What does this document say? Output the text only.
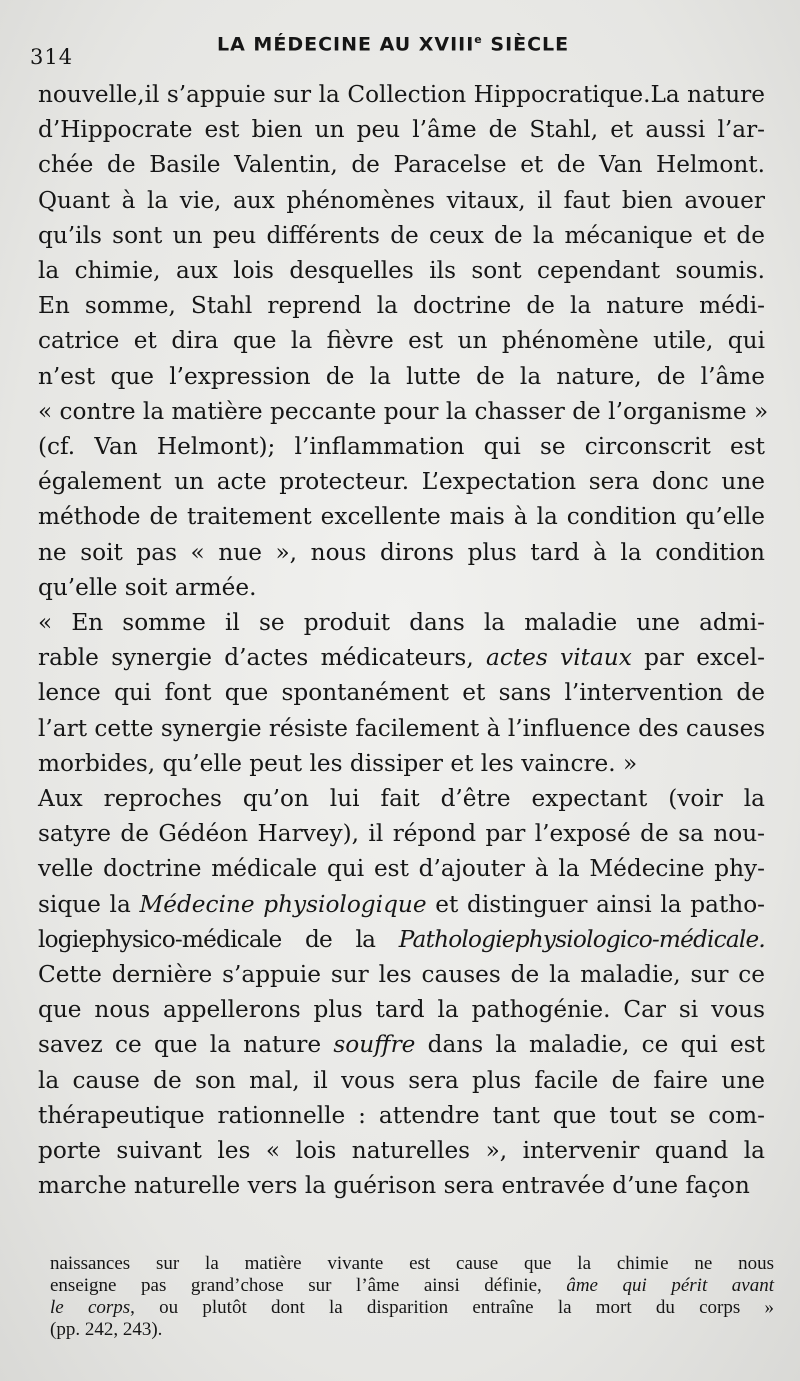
314
LA MÉDECINE AU XVIIIe SIÈCLE
nouvelle,il s’appuie sur la Collection Hippocratique.La nature
d’Hippocrate est bien un peu l’âme de Stahl, et aussi l’ar-
chée de Basile Valentin, de Paracelse et de Van Helmont.
Quant à la vie, aux phénomènes vitaux, il faut bien avouer
qu’ils sont un peu différents de ceux de la mécanique et de
la chimie, aux lois desquelles ils sont cependant soumis.
En somme, Stahl reprend la doctrine de la nature médi-
catrice et dira que la fièvre est un phénomène utile, qui
n’est que l’expression de la lutte de la nature, de l’âme
« contre la matière peccante pour la chasser de l’organisme »
(cf. Van Helmont); l’inflammation qui se circonscrit est
également un acte protecteur. L’expectation sera donc une
méthode de traitement excellente mais à la condition qu’elle
ne soit pas « nue », nous dirons plus tard à la condition
qu’elle soit armée.
« En somme il se produit dans la maladie une admi-
rable synergie d’actes médicateurs, actes vitaux par excel-
lence qui font que spontanément et sans l’intervention de
l’art cette synergie résiste facilement à l’influence des causes
morbides, qu’elle peut les dissiper et les vaincre. »
Aux reproches qu’on lui fait d’être expectant (voir la
satyre de Gédéon Harvey), il répond par l’exposé de sa nou-
velle doctrine médicale qui est d’ajouter à la Médecine phy-
sique la Médecine physiologique et distinguer ainsi la patho-
logiephysico-médicale de la Pathologiephysiologico-médicale.
Cette dernière s’appuie sur les causes de la maladie, sur ce
que nous appellerons plus tard la pathogénie. Car si vous
savez ce que la nature souffre dans la maladie, ce qui est
la cause de son mal, il vous sera plus facile de faire une
thérapeutique rationnelle : attendre tant que tout se com-
porte suivant les « lois naturelles », intervenir quand la
marche naturelle vers la guérison sera entravée d’une façon
naissances sur la matière vivante est cause que la chimie ne nous
enseigne pas grand’chose sur l’âme ainsi définie, âme qui périt avant
le corps, ou plutôt dont la disparition entraîne la mort du corps »
(pp. 242, 243).
